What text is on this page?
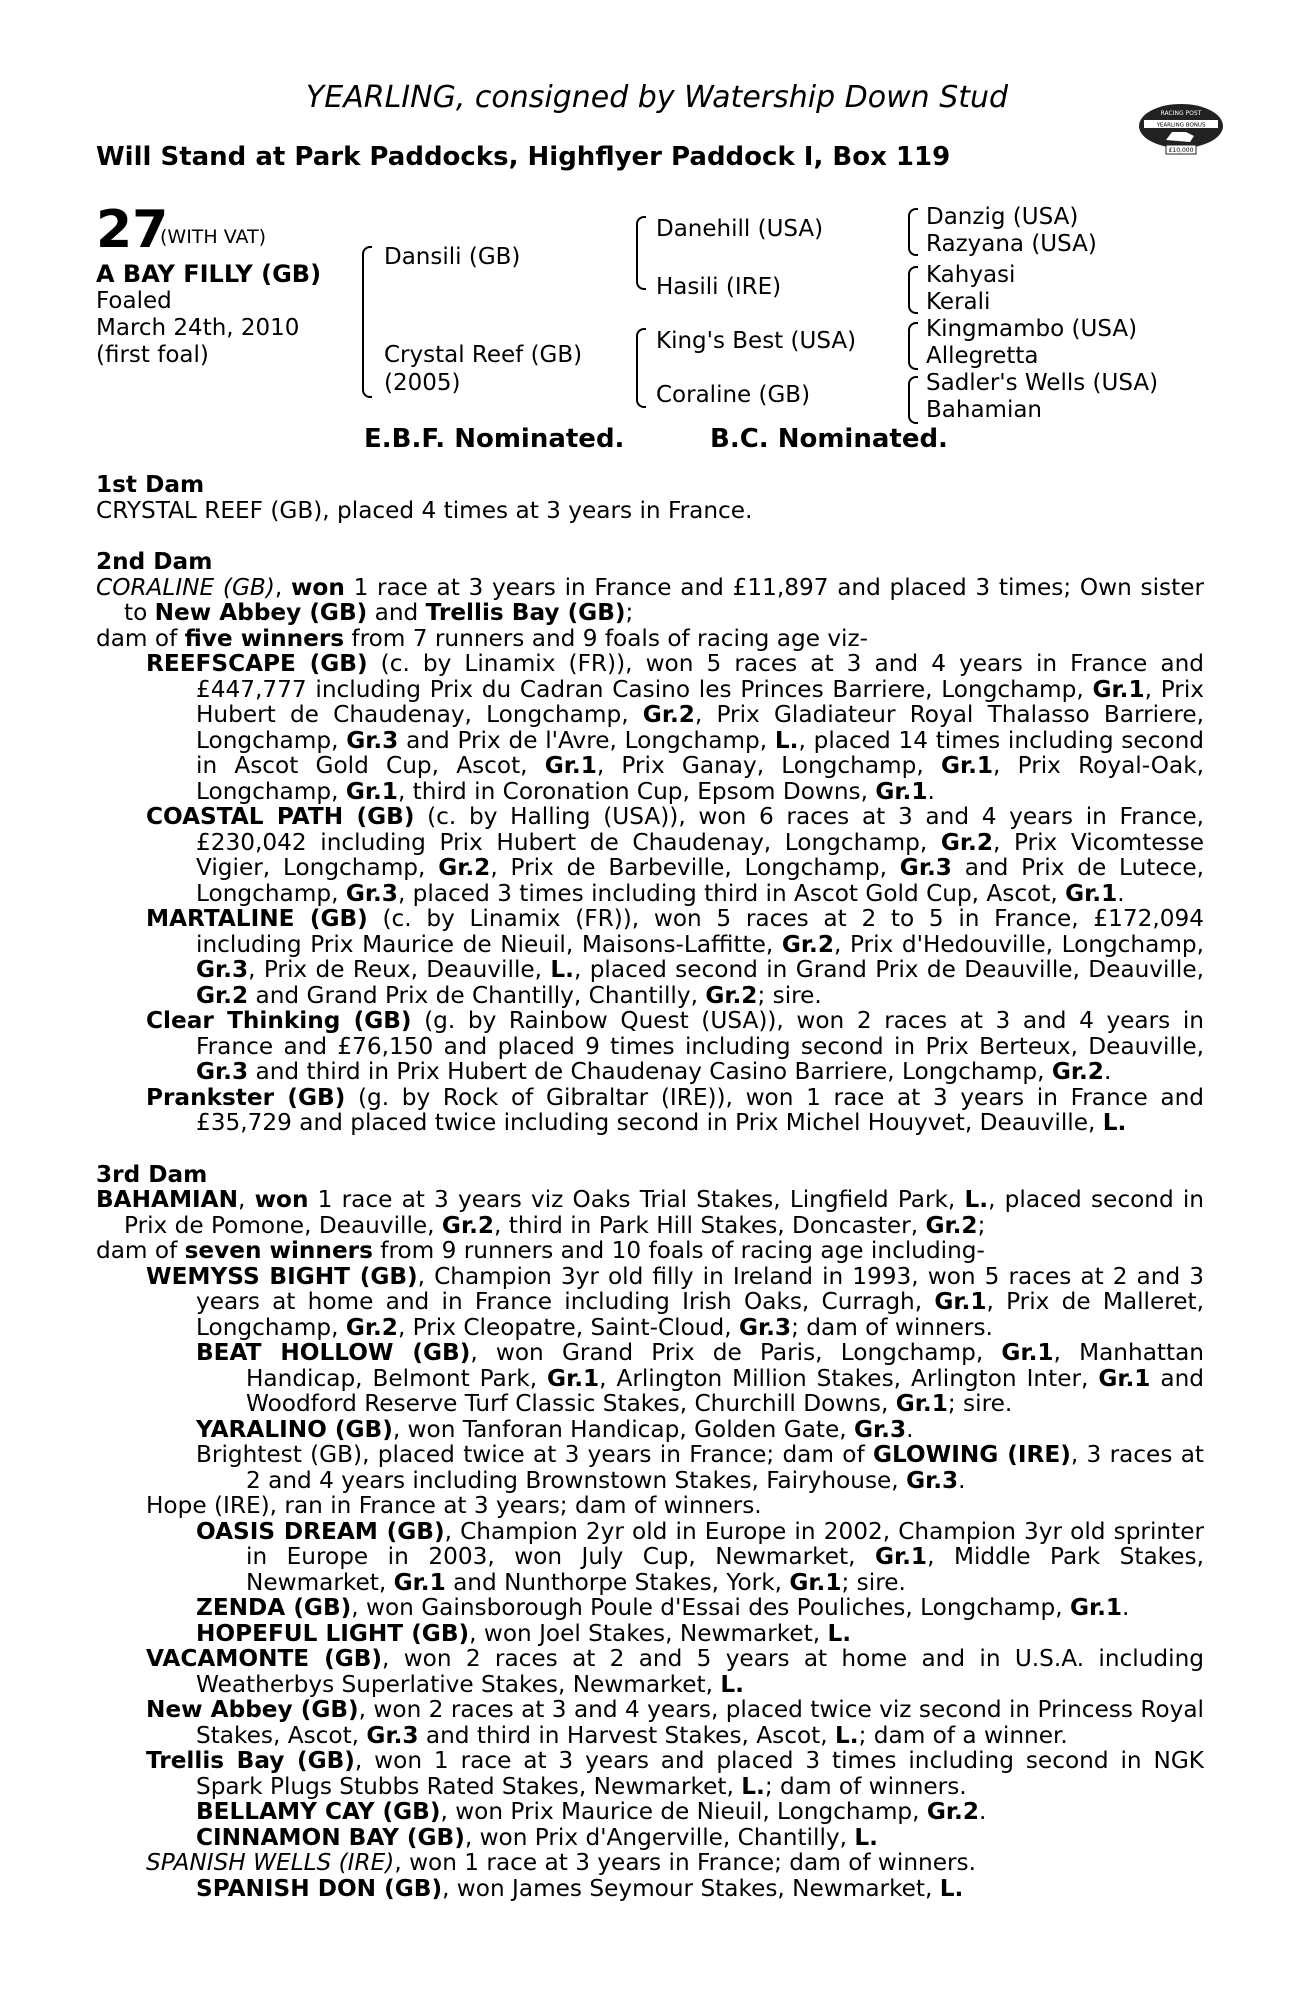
YEARLING, consigned by Watership Down Stud
Will Stand at Park Paddocks, Highflyer Paddock I, Box 119
RACING POST
YEARLING BONUS
£10,000
27
(WITH VAT)
A BAY FILLY (GB)
Foaled
March 24th, 2010
(first foal)
Dansili (GB)
Crystal Reef (GB)
(2005)
Danehill (USA)
Hasili (IRE)
King's Best (USA)
Coraline (GB)
Danzig (USA)
Razyana (USA)
Kahyasi
Kerali
Kingmambo (USA)
Allegretta
Sadler's Wells (USA)
Bahamian
E.B.F. Nominated.	B.C. Nominated.
1st Dam
CRYSTAL REEF (GB), placed 4 times at 3 years in France.
2nd Dam
CORALINE (GB), won 1 race at 3 years in France and £11,897 and placed 3 times; Own sister to New Abbey (GB) and Trellis Bay (GB);
dam of five winners from 7 runners and 9 foals of racing age viz-
REEFSCAPE (GB) (c. by Linamix (FR)), won 5 races at 3 and 4 years in France and £447,777 including Prix du Cadran Casino les Princes Barriere, Longchamp, Gr.1, Prix Hubert de Chaudenay, Longchamp, Gr.2, Prix Gladiateur Royal Thalasso Barriere, Longchamp, Gr.3 and Prix de l'Avre, Longchamp, L., placed 14 times including second in Ascot Gold Cup, Ascot, Gr.1, Prix Ganay, Longchamp, Gr.1, Prix Royal-Oak, Longchamp, Gr.1, third in Coronation Cup, Epsom Downs, Gr.1.
COASTAL PATH (GB) (c. by Halling (USA)), won 6 races at 3 and 4 years in France, £230,042 including Prix Hubert de Chaudenay, Longchamp, Gr.2, Prix Vicomtesse Vigier, Longchamp, Gr.2, Prix de Barbeville, Longchamp, Gr.3 and Prix de Lutece, Longchamp, Gr.3, placed 3 times including third in Ascot Gold Cup, Ascot, Gr.1.
MARTALINE (GB) (c. by Linamix (FR)), won 5 races at 2 to 5 in France, £172,094 including Prix Maurice de Nieuil, Maisons-Laffitte, Gr.2, Prix d'Hedouville, Longchamp, Gr.3, Prix de Reux, Deauville, L., placed second in Grand Prix de Deauville, Deauville, Gr.2 and Grand Prix de Chantilly, Chantilly, Gr.2; sire.
Clear Thinking (GB) (g. by Rainbow Quest (USA)), won 2 races at 3 and 4 years in France and £76,150 and placed 9 times including second in Prix Berteux, Deauville, Gr.3 and third in Prix Hubert de Chaudenay Casino Barriere, Longchamp, Gr.2.
Prankster (GB) (g. by Rock of Gibraltar (IRE)), won 1 race at 3 years in France and £35,729 and placed twice including second in Prix Michel Houyvet, Deauville, L.
3rd Dam
BAHAMIAN, won 1 race at 3 years viz Oaks Trial Stakes, Lingfield Park, L., placed second in Prix de Pomone, Deauville, Gr.2, third in Park Hill Stakes, Doncaster, Gr.2;
dam of seven winners from 9 runners and 10 foals of racing age including-
WEMYSS BIGHT (GB), Champion 3yr old filly in Ireland in 1993, won 5 races at 2 and 3 years at home and in France including Irish Oaks, Curragh, Gr.1, Prix de Malleret, Longchamp, Gr.2, Prix Cleopatre, Saint-Cloud, Gr.3; dam of winners.
BEAT HOLLOW (GB), won Grand Prix de Paris, Longchamp, Gr.1, Manhattan Handicap, Belmont Park, Gr.1, Arlington Million Stakes, Arlington Inter, Gr.1 and Woodford Reserve Turf Classic Stakes, Churchill Downs, Gr.1; sire.
YARALINO (GB), won Tanforan Handicap, Golden Gate, Gr.3.
Brightest (GB), placed twice at 3 years in France; dam of GLOWING (IRE), 3 races at 2 and 4 years including Brownstown Stakes, Fairyhouse, Gr.3.
Hope (IRE), ran in France at 3 years; dam of winners.
OASIS DREAM (GB), Champion 2yr old in Europe in 2002, Champion 3yr old sprinter in Europe in 2003, won July Cup, Newmarket, Gr.1, Middle Park Stakes, Newmarket, Gr.1 and Nunthorpe Stakes, York, Gr.1; sire.
ZENDA (GB), won Gainsborough Poule d'Essai des Pouliches, Longchamp, Gr.1.
HOPEFUL LIGHT (GB), won Joel Stakes, Newmarket, L.
VACAMONTE (GB), won 2 races at 2 and 5 years at home and in U.S.A. including Weatherbys Superlative Stakes, Newmarket, L.
New Abbey (GB), won 2 races at 3 and 4 years, placed twice viz second in Princess Royal Stakes, Ascot, Gr.3 and third in Harvest Stakes, Ascot, L.; dam of a winner.
Trellis Bay (GB), won 1 race at 3 years and placed 3 times including second in NGK Spark Plugs Stubbs Rated Stakes, Newmarket, L.; dam of winners.
BELLAMY CAY (GB), won Prix Maurice de Nieuil, Longchamp, Gr.2.
CINNAMON BAY (GB), won Prix d'Angerville, Chantilly, L.
SPANISH WELLS (IRE), won 1 race at 3 years in France; dam of winners.
SPANISH DON (GB), won James Seymour Stakes, Newmarket, L.
